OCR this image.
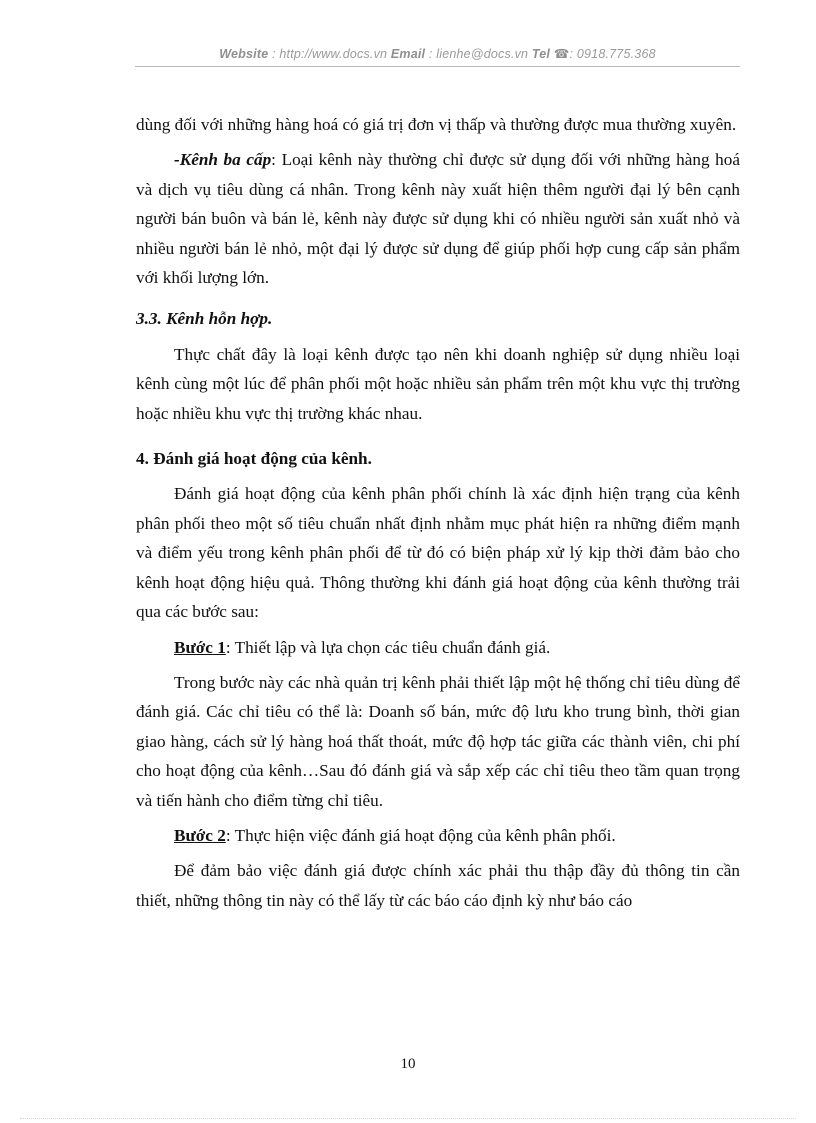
Website : http://www.docs.vn Email : lienhe@docs.vn Tel ☎: 0918.775.368

dùng đối với những hàng hoá có giá trị đơn vị thấp và thường được mua thường xuyên.

-Kênh ba cấp: Loại kênh này thường chỉ được sử dụng đối với những hàng hoá và dịch vụ tiêu dùng cá nhân. Trong kênh này xuất hiện thêm người đại lý bên cạnh người bán buôn và bán lẻ, kênh này được sử dụng khi có nhiều người sản xuất nhỏ và nhiều người bán lẻ nhỏ, một đại lý được sử dụng để giúp phối hợp cung cấp sản phẩm với khối lượng lớn.

3.3. Kênh hỗn hợp.

Thực chất đây là loại kênh được tạo nên khi doanh nghiệp sử dụng nhiều loại kênh cùng một lúc để phân phối một hoặc nhiều sản phẩm trên một khu vực thị trường hoặc nhiều khu vực thị trường khác nhau.

4. Đánh giá hoạt động của kênh.

Đánh giá hoạt động của kênh phân phối chính là xác định hiện trạng của kênh phân phối theo một số tiêu chuẩn nhất định nhằm mục phát hiện ra những điểm mạnh và điểm yếu trong kênh phân phối để từ đó có biện pháp xử lý kịp thời đảm bảo cho kênh hoạt động hiệu quả. Thông thường khi đánh giá hoạt động của kênh thường trải qua các bước sau:

Bước 1: Thiết lập và lựa chọn các tiêu chuẩn đánh giá.

Trong bước này các nhà quản trị kênh phải thiết lập một hệ thống chỉ tiêu dùng để đánh giá. Các chỉ tiêu có thể là: Doanh số bán, mức độ lưu kho trung bình, thời gian giao hàng, cách sử lý hàng hoá thất thoát, mức độ hợp tác giữa các thành viên, chi phí cho hoạt động của kênh…Sau đó đánh giá và sắp xếp các chỉ tiêu theo tầm quan trọng và tiến hành cho điểm từng chỉ tiêu.

Bước 2: Thực hiện việc đánh giá hoạt động của kênh phân phối.

Để đảm bảo việc đánh giá được chính xác phải thu thập đầy đủ thông tin cần thiết, những thông tin này có thể lấy từ các báo cáo định kỳ như báo cáo

10
